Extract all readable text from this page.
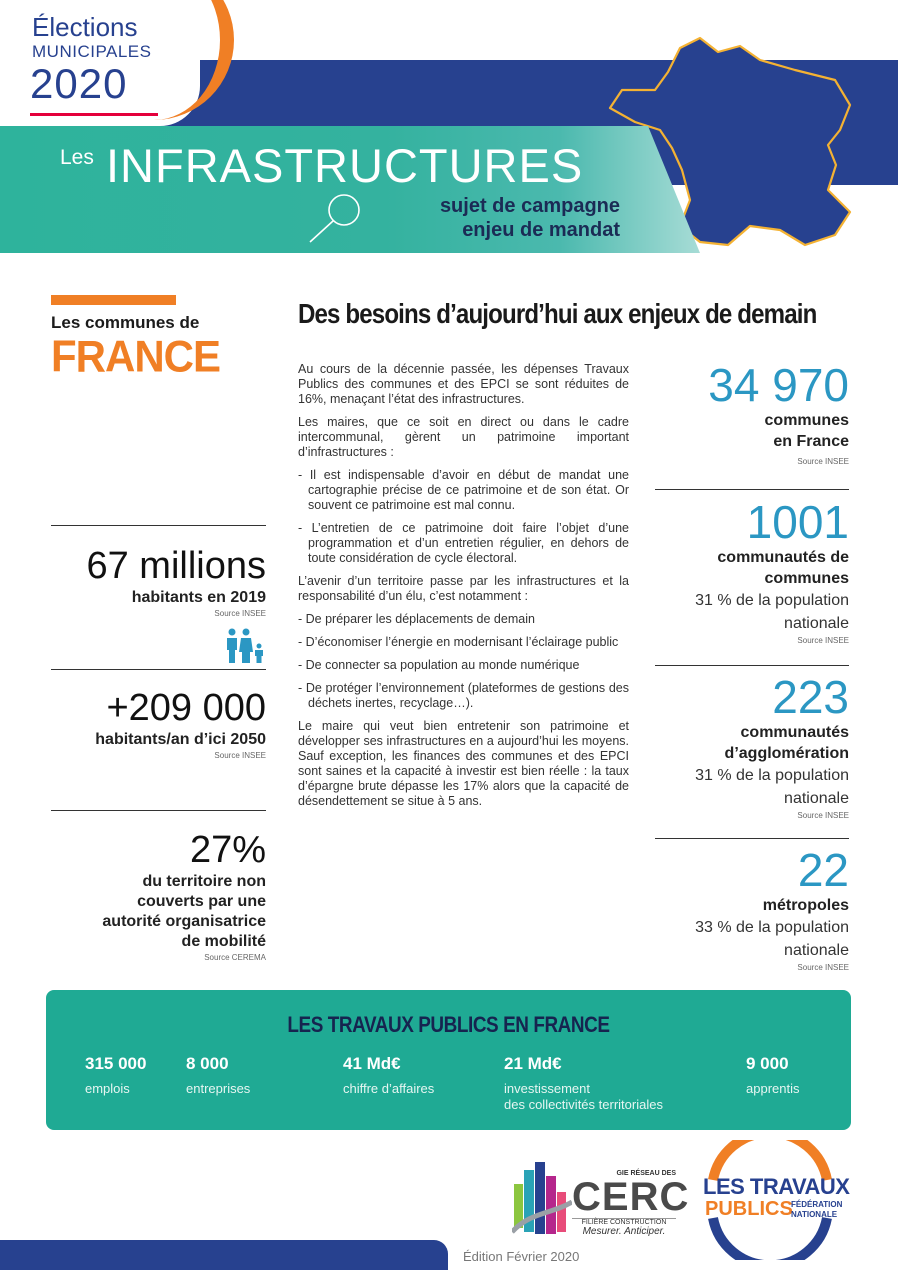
Élections
MUNICIPALES
2020
Les INFRASTRUCTURES
sujet de campagne
enjeu de mandat
Les communes de
FRANCE
67 millions
habitants en 2019
Source INSEE
+209 000
habitants/an d’ici 2050
Source INSEE
27%
du territoire non
couverts par une
autorité organisatrice
de mobilité
Source CEREMA
Des besoins d’aujourd’hui aux enjeux de demain

Au cours de la décennie passée, les dépenses Travaux Publics des communes et des EPCI se sont réduites de 16%, menaçant l’état des infrastructures.

Les maires, que ce soit en direct ou dans le cadre intercommunal, gèrent un patrimoine important d’infrastructures :

- Il est indispensable d’avoir en début de mandat une cartographie précise de ce patrimoine et de son état. Or souvent ce patrimoine est mal connu.
- L’entretien de ce patrimoine doit faire l’objet d’une programmation et d’un entretien régulier, en dehors de toute considération de cycle électoral.

L’avenir d’un territoire passe par les infrastructures et la responsabilité d’un élu, c’est notamment :

- De préparer les déplacements de demain
- D’économiser l’énergie en modernisant l’éclairage public
- De connecter sa population au monde numérique
- De protéger l’environnement (plateformes de gestions des déchets inertes, recyclage…).

Le maire qui veut bien entretenir son patrimoine et développer ses infrastructures en a aujourd’hui les moyens. Sauf exception, les finances des communes et des EPCI sont saines et la capacité à investir est bien réelle : la taux d’épargne brute dépasse les 17% alors que la capacité de désendettement se situe à 5 ans.

34 970
communes
en France
Source INSEE
1001
communautés de
communes
31 % de la population
nationale
Source INSEE
223
communautés
d’agglomération
31 % de la population
nationale
Source INSEE
22
métropoles
33 % de la population
nationale
Source INSEE
LES TRAVAUX PUBLICS EN FRANCE
315 000
emplois
8 000
entreprises
41 Md€
chiffre d’affaires
21 Md€
investissement
des collectivités territoriales
9 000
apprentis
Édition Février 2020
GIE RÉSEAU DES
CERC
FILIÈRE CONSTRUCTION
Mesurer. Anticiper.
LES TRAVAUX
PUBLICS
FÉDÉRATION
NATIONALE
